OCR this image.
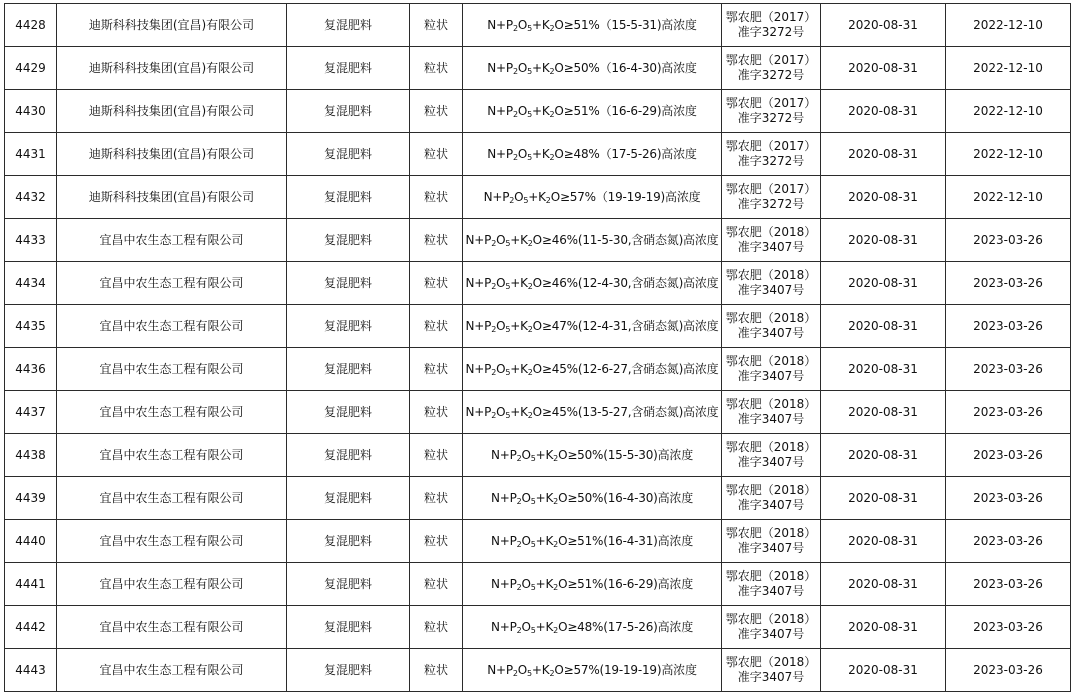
4428	迪斯科科技集团(宜昌)有限公司	复混肥料	粒状	$N+P_2O_5+K_2O\ge 51\%(15-5-31)$高浓度	鄂农肥（2017）
准字3272号	2020-08-31	2022-12-10
4429	迪斯科科技集团(宜昌)有限公司	复混肥料	粒状	$N+P_2O_5+K_2O\ge 50\%(16-4-30)$高浓度	鄂农肥（2017）
准字3272号	2020-08-31	2022-12-10
4430	迪斯科科技集团(宜昌)有限公司	复混肥料	粒状	$N+P_2O_5+K_2O\ge 51\%(16-6-29)$高浓度	鄂农肥（2017）
准字3272号	2020-08-31	2022-12-10
4431	迪斯科科技集团(宜昌)有限公司	复混肥料	粒状	$N+P_2O_5+K_2O\ge 48\%(17-5-26)$高浓度	鄂农肥（2017）
准字3272号	2020-08-31	2022-12-10
4432	迪斯科科技集团(宜昌)有限公司	复混肥料	粒状	$N+P_2O_5+K_2O\ge 57\%(19-19-19)$高浓度	鄂农肥（2017）
准字3272号	2020-08-31	2022-12-10
4433	宜昌中农生态工程有限公司	复混肥料	粒状	$N+P_2O_5+K_2O\ge 46\%(11-5-30$,含硝态氮)高浓度	鄂农肥（2018）
准字3407号	2020-08-31	2023-03-26
4434	宜昌中农生态工程有限公司	复混肥料	粒状	$N+P_2O_5+K_2O\ge 46\%(12-4-30$,含硝态氮)高浓度	鄂农肥（2018）
准字3407号	2020-08-31	2023-03-26
4435	宜昌中农生态工程有限公司	复混肥料	粒状	$N+P_2O_5+K_2O\ge 47\%(12-4-31$,含硝态氮)高浓度	鄂农肥（2018）
准字3407号	2020-08-31	2023-03-26
4436	宜昌中农生态工程有限公司	复混肥料	粒状	$N+P_2O_5+K_2O\ge 45\%(12-6-27$,含硝态氮)高浓度	鄂农肥（2018）
准字3407号	2020-08-31	2023-03-26
4437	宜昌中农生态工程有限公司	复混肥料	粒状	$N+P_2O_5+K_2O\ge 45\%(13-5-27$,含硝态氮)高浓度	鄂农肥（2018）
准字3407号	2020-08-31	2023-03-26
4438	宜昌中农生态工程有限公司	复混肥料	粒状	$N+P_2O_5+K_2O\ge 50\%(15-5-30)$高浓度	鄂农肥（2018）
准字3407号	2020-08-31	2023-03-26
4439	宜昌中农生态工程有限公司	复混肥料	粒状	$N+P_2O_5+K_2O\ge 50\%(16-4-30)$高浓度	鄂农肥（2018）
准字3407号	2020-08-31	2023-03-26
4440	宜昌中农生态工程有限公司	复混肥料	粒状	$N+P_2O_5+K_2O\ge 51\%(16-4-31)$高浓度	鄂农肥（2018）
准字3407号	2020-08-31	2023-03-26
4441	宜昌中农生态工程有限公司	复混肥料	粒状	$N+P_2O_5+K_2O\ge 51\%(16-6-29)$高浓度	鄂农肥（2018）
准字3407号	2020-08-31	2023-03-26
4442	宜昌中农生态工程有限公司	复混肥料	粒状	$N+P_2O_5+K_2O\ge 48\%(17-5-26)$高浓度	鄂农肥（2018）
准字3407号	2020-08-31	2023-03-26
4443	宜昌中农生态工程有限公司	复混肥料	粒状	$N+P_2O_5+K_2O\ge 57\%(19-19-19)$高浓度	鄂农肥（2018）
准字3407号	2020-08-31	2023-03-26
